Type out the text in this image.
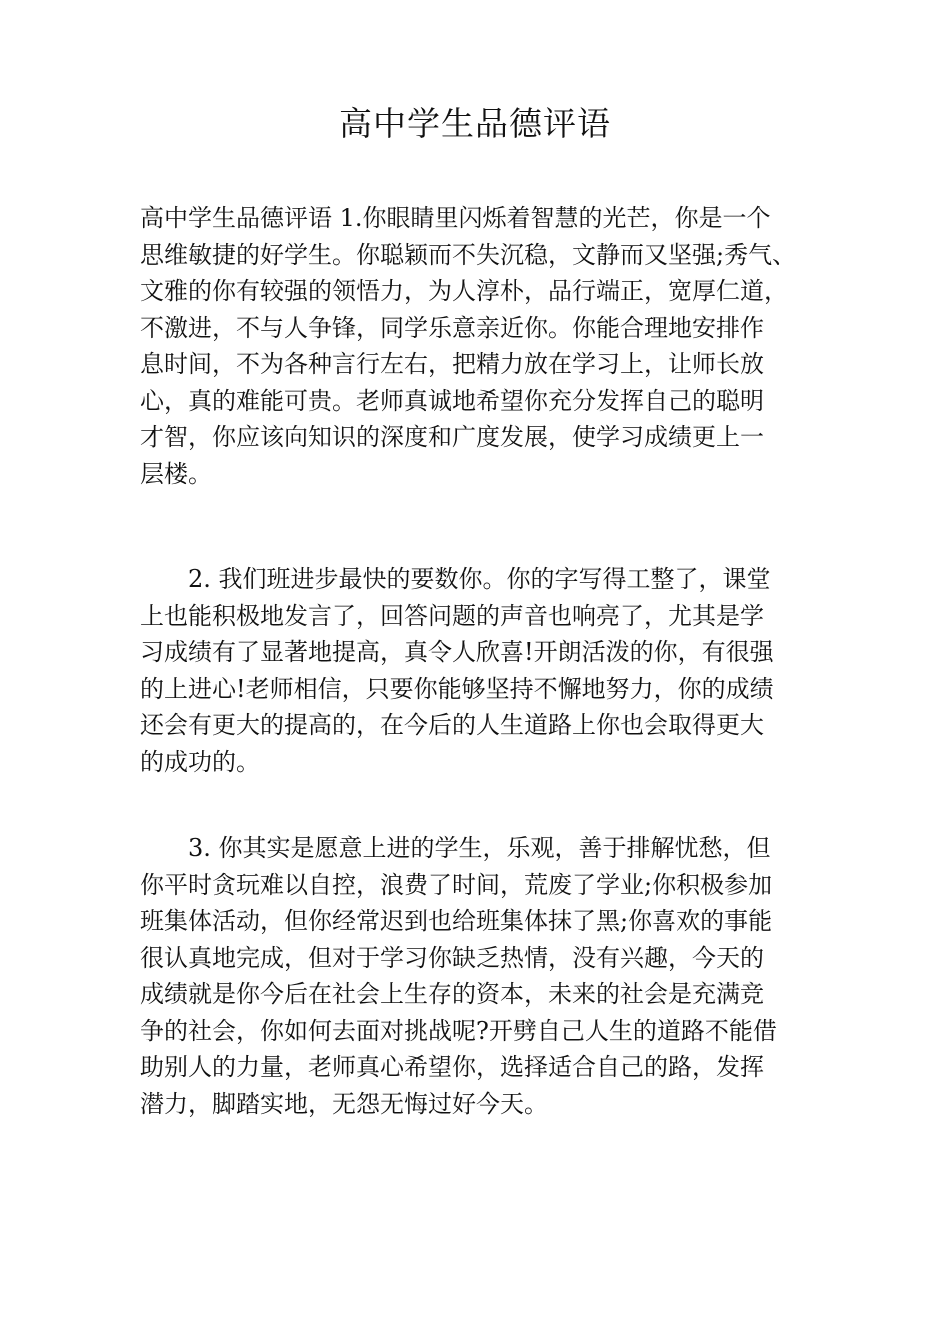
高中学生品德评语

高中学生品德评语 1.你眼睛里闪烁着智慧的光芒，你是一个
思维敏捷的好学生。你聪颖而不失沉稳，文静而又坚强;秀气、
文雅的你有较强的领悟力，为人淳朴，品行端正，宽厚仁道，
不激进，不与人争锋，同学乐意亲近你。你能合理地安排作
息时间，不为各种言行左右，把精力放在学习上，让师长放
心，真的难能可贵。老师真诚地希望你充分发挥自己的聪明
才智，你应该向知识的深度和广度发展，使学习成绩更上一
层楼。

2. 我们班进步最快的要数你。你的字写得工整了，课堂
上也能积极地发言了，回答问题的声音也响亮了，尤其是学
习成绩有了显著地提高，真令人欣喜!开朗活泼的你，有很强
的上进心!老师相信，只要你能够坚持不懈地努力，你的成绩
还会有更大的提高的，在今后的人生道路上你也会取得更大
的成功的。

3. 你其实是愿意上进的学生，乐观，善于排解忧愁，但
你平时贪玩难以自控，浪费了时间，荒废了学业;你积极参加
班集体活动，但你经常迟到也给班集体抹了黑;你喜欢的事能
很认真地完成，但对于学习你缺乏热情，没有兴趣，今天的
成绩就是你今后在社会上生存的资本，未来的社会是充满竞
争的社会，你如何去面对挑战呢?开劈自己人生的道路不能借
助别人的力量，老师真心希望你，选择适合自己的路，发挥
潜力，脚踏实地，无怨无悔过好今天。
